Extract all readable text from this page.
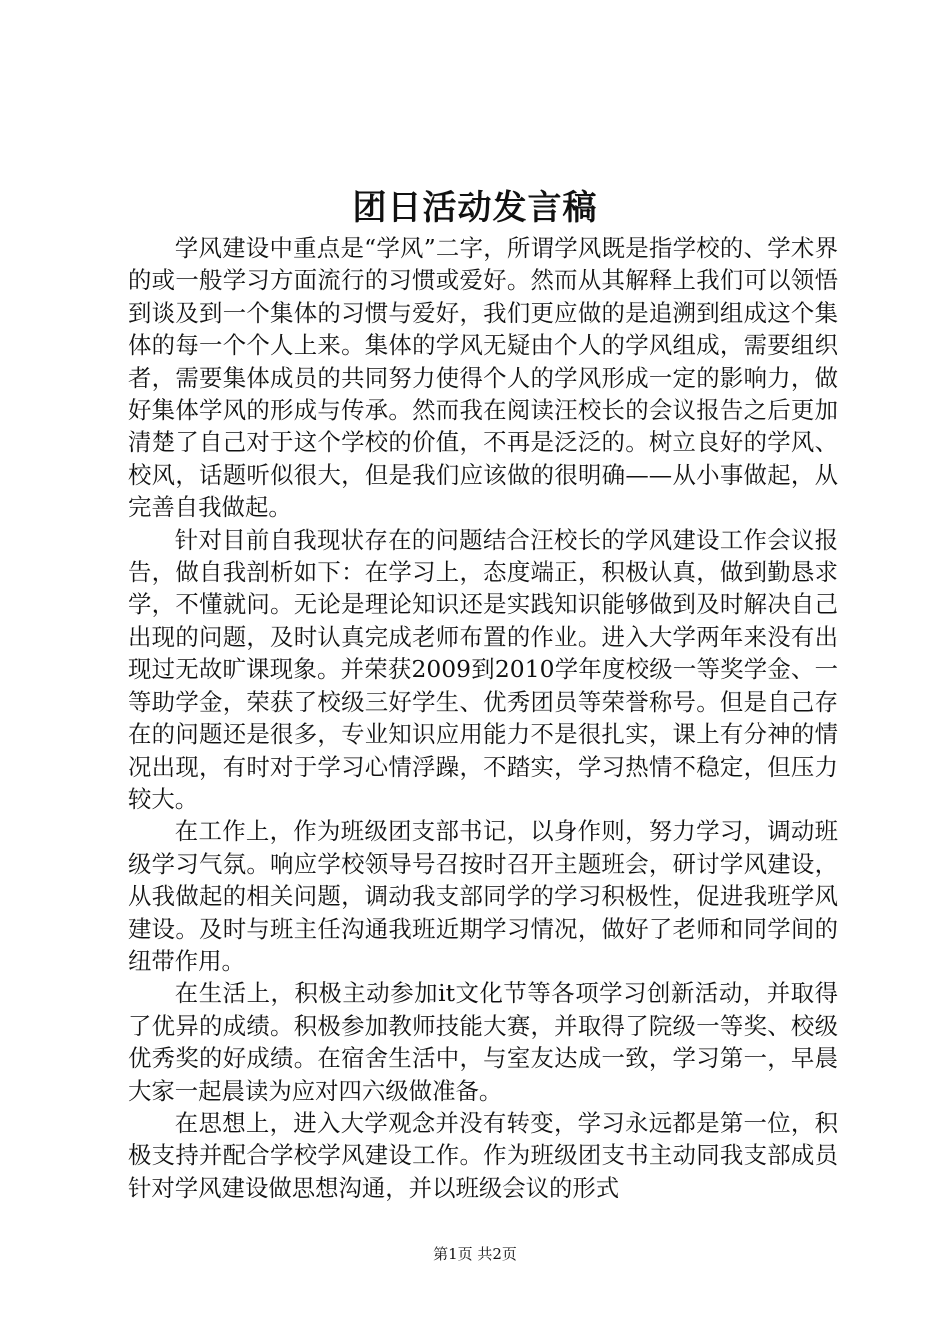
团日活动发言稿

学风建设中重点是“学风”二字，所谓学风既是指学校的、学术界的或一般学习方面流行的习惯或爱好。然而从其解释上我们可以领悟到谈及到一个集体的习惯与爱好，我们更应做的是追溯到组成这个集体的每一个个人上来。集体的学风无疑由个人的学风组成，需要组织者，需要集体成员的共同努力使得个人的学风形成一定的影响力，做好集体学风的形成与传承。然而我在阅读汪校长的会议报告之后更加清楚了自己对于这个学校的价值，不再是泛泛的。树立良好的学风、校风，话题听似很大，但是我们应该做的很明确——从小事做起，从完善自我做起。

针对目前自我现状存在的问题结合汪校长的学风建设工作会议报告，做自我剖析如下：在学习上，态度端正，积极认真，做到勤恳求学，不懂就问。无论是理论知识还是实践知识能够做到及时解决自己出现的问题，及时认真完成老师布置的作业。进入大学两年来没有出现过无故旷课现象。并荣获2009到2010学年度校级一等奖学金、一等助学金，荣获了校级三好学生、优秀团员等荣誉称号。但是自己存在的问题还是很多，专业知识应用能力不是很扎实，课上有分神的情况出现，有时对于学习心情浮躁，不踏实，学习热情不稳定，但压力较大。

在工作上，作为班级团支部书记，以身作则，努力学习，调动班级学习气氛。响应学校领导号召按时召开主题班会，研讨学风建设，从我做起的相关问题，调动我支部同学的学习积极性，促进我班学风建设。及时与班主任沟通我班近期学习情况，做好了老师和同学间的纽带作用。

在生活上，积极主动参加it文化节等各项学习创新活动，并取得了优异的成绩。积极参加教师技能大赛，并取得了院级一等奖、校级优秀奖的好成绩。在宿舍生活中，与室友达成一致，学习第一，早晨大家一起晨读为应对四六级做准备。

在思想上，进入大学观念并没有转变，学习永远都是第一位，积极支持并配合学校学风建设工作。作为班级团支书主动同我支部成员针对学风建设做思想沟通，并以班级会议的形式

第1页 共2页
